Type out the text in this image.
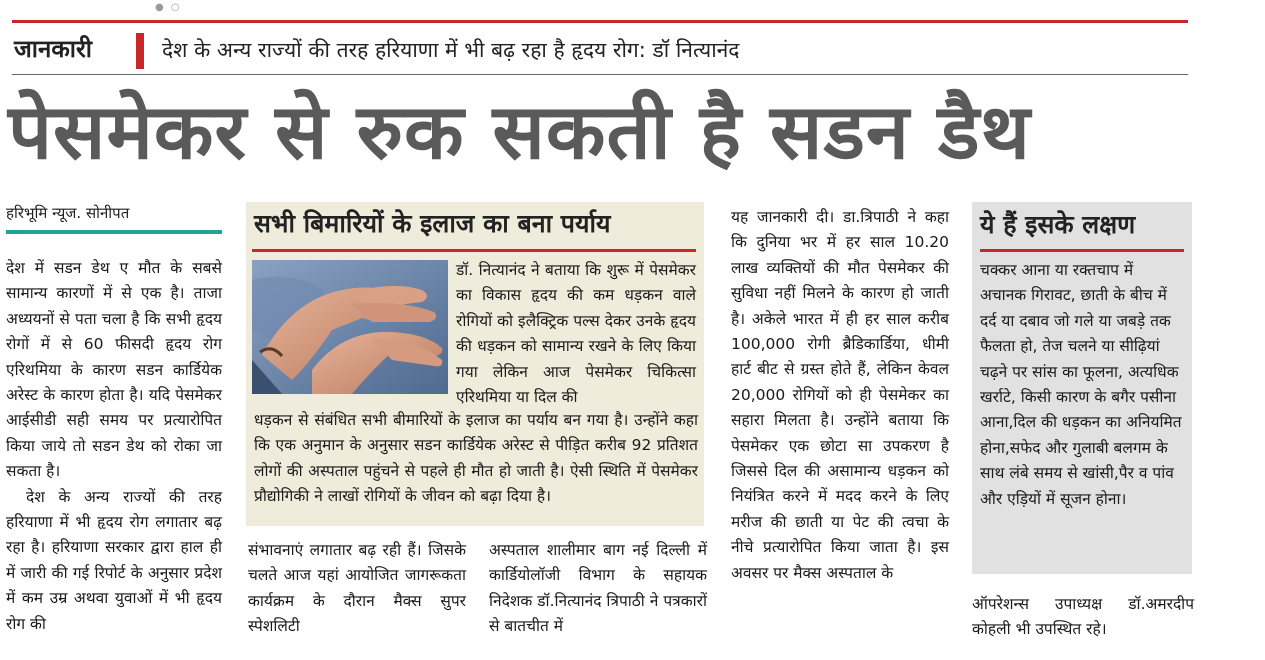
● ○
जानकारी	देश के अन्य राज्यों की तरह हरियाणा में भी बढ़ रहा है हृदय रोग: डॉ नित्यानंद
पेसमेकर से रुक सकती है सडन डैथ
हरिभूमि न्यूज. सोनीपत

देश में सडन डेथ ए मौत के सबसे सामान्य कारणों में से एक है। ताजा अध्ययनों से पता चला है कि सभी हृदय रोगों में से 60 फीसदी हृदय रोग एरिथमिया के कारण सडन कार्डियेक अरेस्ट के कारण होता है। यदि पेसमेकर आईसीडी सही समय पर प्रत्यारोपित किया जाये तो सडन डेथ को रोका जा सकता है।

देश के अन्य राज्यों की तरह हरियाणा में भी हृदय रोग लगातार बढ़ रहा है। हरियाणा सरकार द्वारा हाल ही में जारी की गई रिपोर्ट के अनुसार प्रदेश में कम उम्र अथवा युवाओं में भी हृदय रोग की

सभी बिमारियों के इलाज का बना पर्याय
डॉ. नित्यानंद ने बताया कि शुरू में पेसमेकर का विकास हृदय की कम धड़कन वाले रोगियों को इलैक्ट्रिक पल्स देकर उनके हृदय की धड़कन को सामान्य रखने के लिए किया गया लेकिन आज पेसमेकर चिकित्सा एरिथमिया या दिल की
धड़कन से संबंधित सभी बीमारियों के इलाज का पर्याय बन गया है। उन्होंने कहा कि एक अनुमान के अनुसार सडन कार्डियेक अरेस्ट से पीड़ित करीब 92 प्रतिशत लोगों की अस्पताल पहुंचने से पहले ही मौत हो जाती है। ऐसी स्थिति में पेसमेकर प्रौद्योगिकी ने लाखों रोगियों के जीवन को बढ़ा दिया है।
संभावनाएं लगातार बढ़ रही हैं। जिसके चलते आज यहां आयोजित जागरूकता कार्यक्रम के दौरान मैक्स सुपर स्पेशलिटी
अस्पताल शालीमार बाग नई दिल्ली में कार्डियोलॉजी विभाग के सहायक निदेशक डॉ.नित्यानंद त्रिपाठी ने पत्रकारों से बातचीत में
यह जानकारी दी। डा.त्रिपाठी ने कहा कि दुनिया भर में हर साल 10.20 लाख व्यक्तियों की मौत पेसमेकर की सुविधा नहीं मिलने के कारण हो जाती है। अकेले भारत में ही हर साल करीब 100,000 रोगी ब्रैडिकार्डिया, धीमी हार्ट बीट से ग्रस्त होते हैं, लेकिन केवल 20,000 रोगियों को ही पेसमेकर का सहारा मिलता है। उन्होंने बताया कि पेसमेकर एक छोटा सा उपकरण है जिससे दिल की असामान्य धड़कन को नियंत्रित करने में मदद करने के लिए मरीज की छाती या पेट की त्वचा के नीचे प्रत्यारोपित किया जाता है। इस अवसर पर मैक्स अस्पताल के
ये हैं इसके लक्षण
चक्कर आना या रक्तचाप में अचानक गिरावट, छाती के बीच में दर्द या दबाव जो गले या जबड़े तक फैलता हो, तेज चलने या सीढ़ियां चढ़ने पर सांस का फूलना, अत्यधिक खर्राटे, किसी कारण के बगैर पसीना आना,दिल की धड़कन का अनियमित होना,सफेद और गुलाबी बलगम के साथ लंबे समय से खांसी,पैर व पांव और एड़ियों में सूजन होना।
ऑपरेशन्स उपाध्यक्ष डॉ.अमरदीप कोहली भी उपस्थित रहे।
